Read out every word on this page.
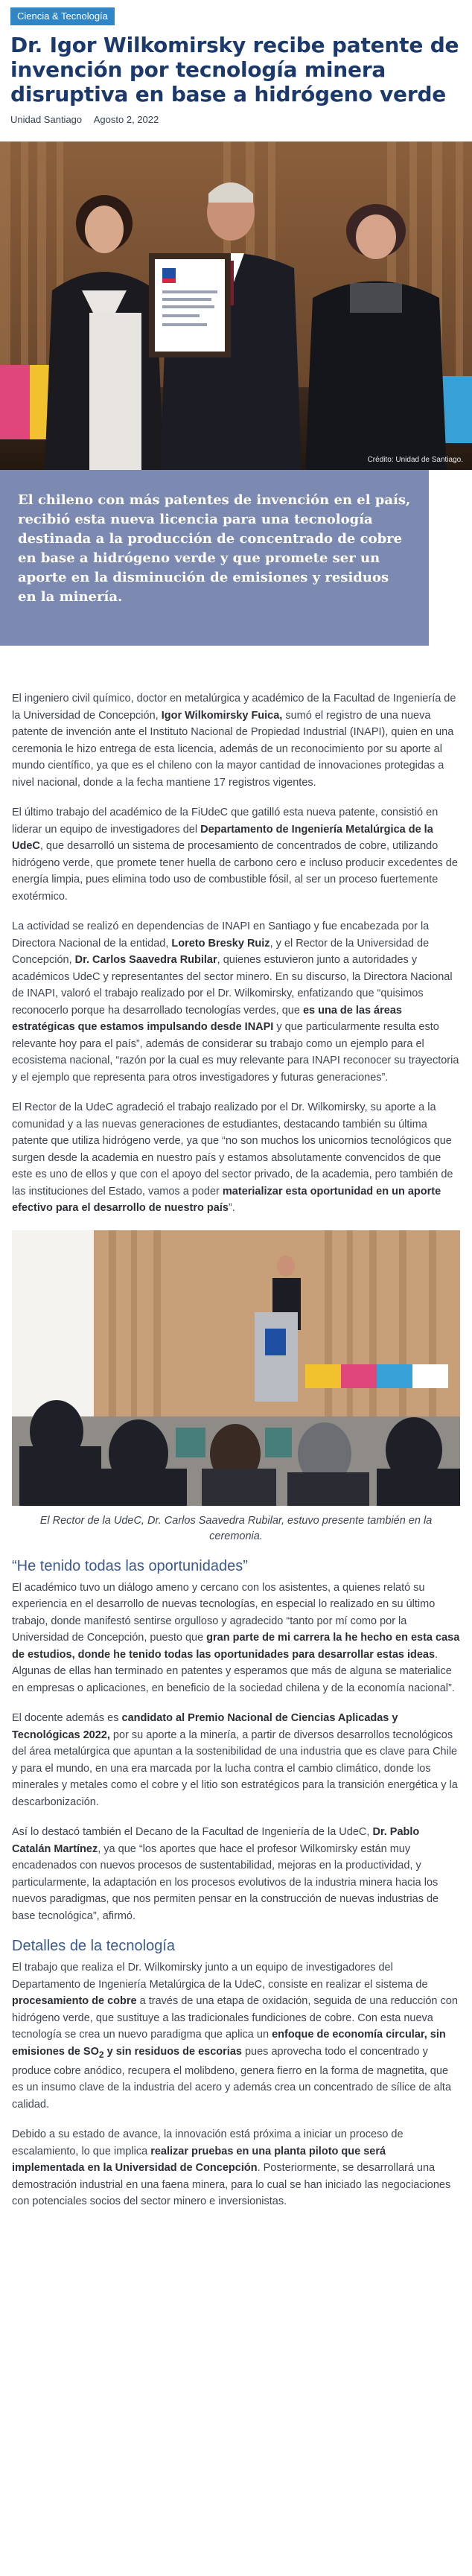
Ciencia & Tecnología
Dr. Igor Wilkomirsky recibe patente de invención por tecnología minera disruptiva en base a hidrógeno verde
Unidad Santiago Agosto 2, 2022
Crédito: Unidad de Santiago.
El chileno con más patentes de invención en el país, recibió esta nueva licencia para una tecnología destinada a la producción de concentrado de cobre en base a hidrógeno verde y que promete ser un aporte en la disminución de emisiones y residuos en la minería.

El ingeniero civil químico, doctor en metalúrgica y académico de la Facultad de Ingeniería de la Universidad de Concepción, Igor Wilkomirsky Fuica, sumó el registro de una nueva patente de invención ante el Instituto Nacional de Propiedad Industrial (INAPI), quien en una ceremonia le hizo entrega de esta licencia, además de un reconocimiento por su aporte al mundo científico, ya que es el chileno con la mayor cantidad de innovaciones protegidas a nivel nacional, donde a la fecha mantiene 17 registros vigentes.

El último trabajo del académico de la FiUdeC que gatilló esta nueva patente, consistió en liderar un equipo de investigadores del Departamento de Ingeniería Metalúrgica de la UdeC, que desarrolló un sistema de procesamiento de concentrados de cobre, utilizando hidrógeno verde, que promete tener huella de carbono cero e incluso producir excedentes de energía limpia, pues elimina todo uso de combustible fósil, al ser un proceso fuertemente exotérmico.

La actividad se realizó en dependencias de INAPI en Santiago y fue encabezada por la Directora Nacional de la entidad, Loreto Bresky Ruiz, y el Rector de la Universidad de Concepción, Dr. Carlos Saavedra Rubilar, quienes estuvieron junto a autoridades y académicos UdeC y representantes del sector minero. En su discurso, la Directora Nacional de INAPI, valoró el trabajo realizado por el Dr. Wilkomirsky, enfatizando que “quisimos reconocerlo porque ha desarrollado tecnologías verdes, que es una de las áreas estratégicas que estamos impulsando desde INAPI y que particularmente resulta esto relevante hoy para el país”, además de considerar su trabajo como un ejemplo para el ecosistema nacional, “razón por la cual es muy relevante para INAPI reconocer su trayectoria y el ejemplo que representa para otros investigadores y futuras generaciones”.

El Rector de la UdeC agradeció el trabajo realizado por el Dr. Wilkomirsky, su aporte a la comunidad y a las nuevas generaciones de estudiantes, destacando también su última patente que utiliza hidrógeno verde, ya que “no son muchos los unicornios tecnológicos que surgen desde la academia en nuestro país y estamos absolutamente convencidos de que este es uno de ellos y que con el apoyo del sector privado, de la academia, pero también de las instituciones del Estado, vamos a poder materializar esta oportunidad en un aporte efectivo para el desarrollo de nuestro país”.

El Rector de la UdeC, Dr. Carlos Saavedra Rubilar, estuvo presente también en la ceremonia.
“He tenido todas las oportunidades”

El académico tuvo un diálogo ameno y cercano con los asistentes, a quienes relató su experiencia en el desarrollo de nuevas tecnologías, en especial lo realizado en su último trabajo, donde manifestó sentirse orgulloso y agradecido “tanto por mí como por la Universidad de Concepción, puesto que gran parte de mi carrera la he hecho en esta casa de estudios, donde he tenido todas las oportunidades para desarrollar estas ideas. Algunas de ellas han terminado en patentes y esperamos que más de alguna se materialice en empresas o aplicaciones, en beneficio de la sociedad chilena y de la economía nacional”.

El docente además es candidato al Premio Nacional de Ciencias Aplicadas y Tecnológicas 2022, por su aporte a la minería, a partir de diversos desarrollos tecnológicos del área metalúrgica que apuntan a la sostenibilidad de una industria que es clave para Chile y para el mundo, en una era marcada por la lucha contra el cambio climático, donde los minerales y metales como el cobre y el litio son estratégicos para la transición energética y la descarbonización.

Así lo destacó también el Decano de la Facultad de Ingeniería de la UdeC, Dr. Pablo Catalán Martínez, ya que “los aportes que hace el profesor Wilkomirsky están muy encadenados con nuevos procesos de sustentabilidad, mejoras en la productividad, y particularmente, la adaptación en los procesos evolutivos de la industria minera hacia los nuevos paradigmas, que nos permiten pensar en la construcción de nuevas industrias de base tecnológica”, afirmó.

Detalles de la tecnología

El trabajo que realiza el Dr. Wilkomirsky junto a un equipo de investigadores del Departamento de Ingeniería Metalúrgica de la UdeC, consiste en realizar el sistema de procesamiento de cobre a través de una etapa de oxidación, seguida de una reducción con hidrógeno verde, que sustituye a las tradicionales fundiciones de cobre. Con esta nueva tecnología se crea un nuevo paradigma que aplica un enfoque de economía circular, sin emisiones de $SO_2$ y sin residuos de escorias pues aprovecha todo el concentrado y produce cobre anódico, recupera el molibdeno, genera fierro en la forma de magnetita, que es un insumo clave de la industria del acero y además crea un concentrado de sílice de alta calidad.

Debido a su estado de avance, la innovación está próxima a iniciar un proceso de escalamiento, lo que implica realizar pruebas en una planta piloto que será implementada en la Universidad de Concepción. Posteriormente, se desarrollará una demostración industrial en una faena minera, para lo cual se han iniciado las negociaciones con potenciales socios del sector minero e inversionistas.
